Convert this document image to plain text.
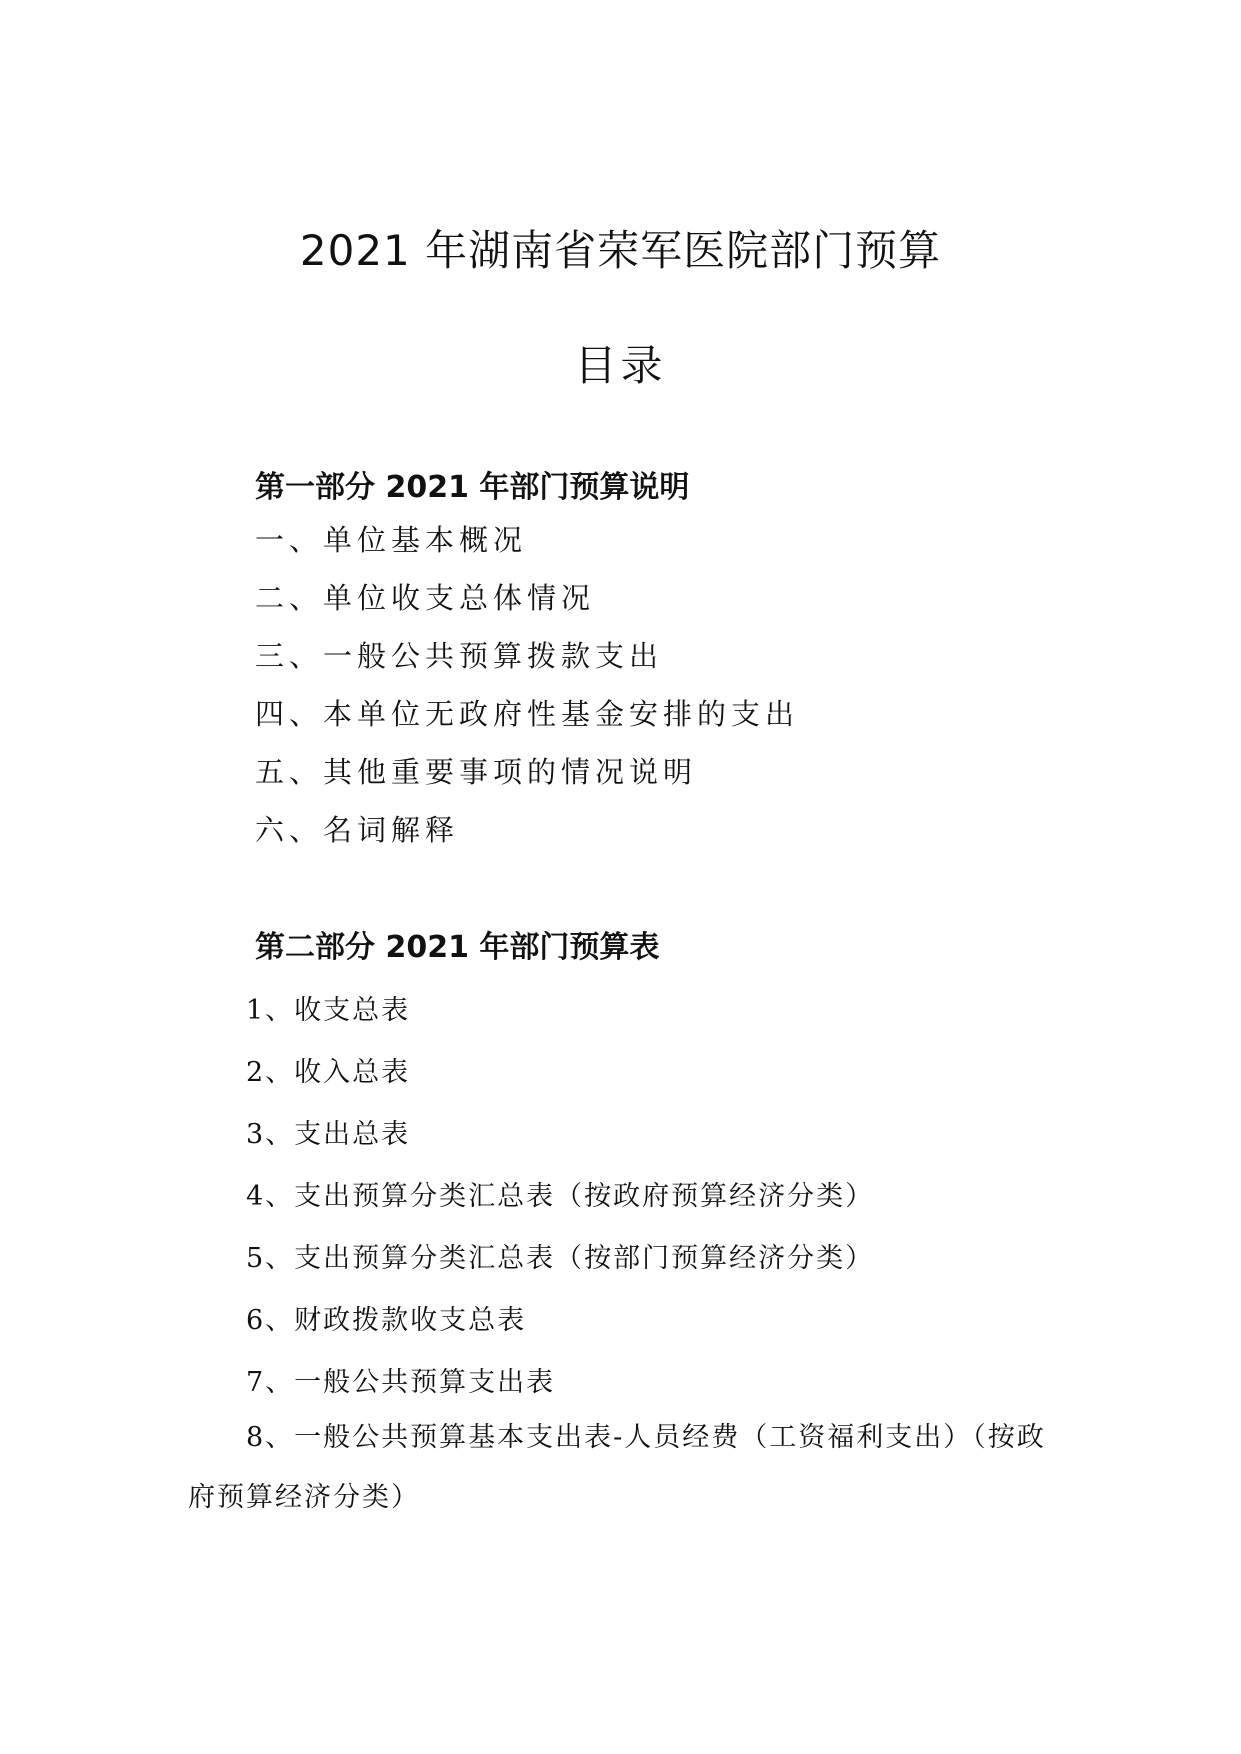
2021 年湖南省荣军医院部门预算
目录
第一部分 2021 年部门预算说明
一、单位基本概况
二、单位收支总体情况
三、一般公共预算拨款支出
四、本单位无政府性基金安排的支出
五、其他重要事项的情况说明
六、名词解释
第二部分 2021 年部门预算表
1、收支总表
2、收入总表
3、支出总表
4、支出预算分类汇总表（按政府预算经济分类）
5、支出预算分类汇总表（按部门预算经济分类）
6、财政拨款收支总表
7、一般公共预算支出表
8、一般公共预算基本支出表-人员经费（工资福利支出）（按政
府预算经济分类）
